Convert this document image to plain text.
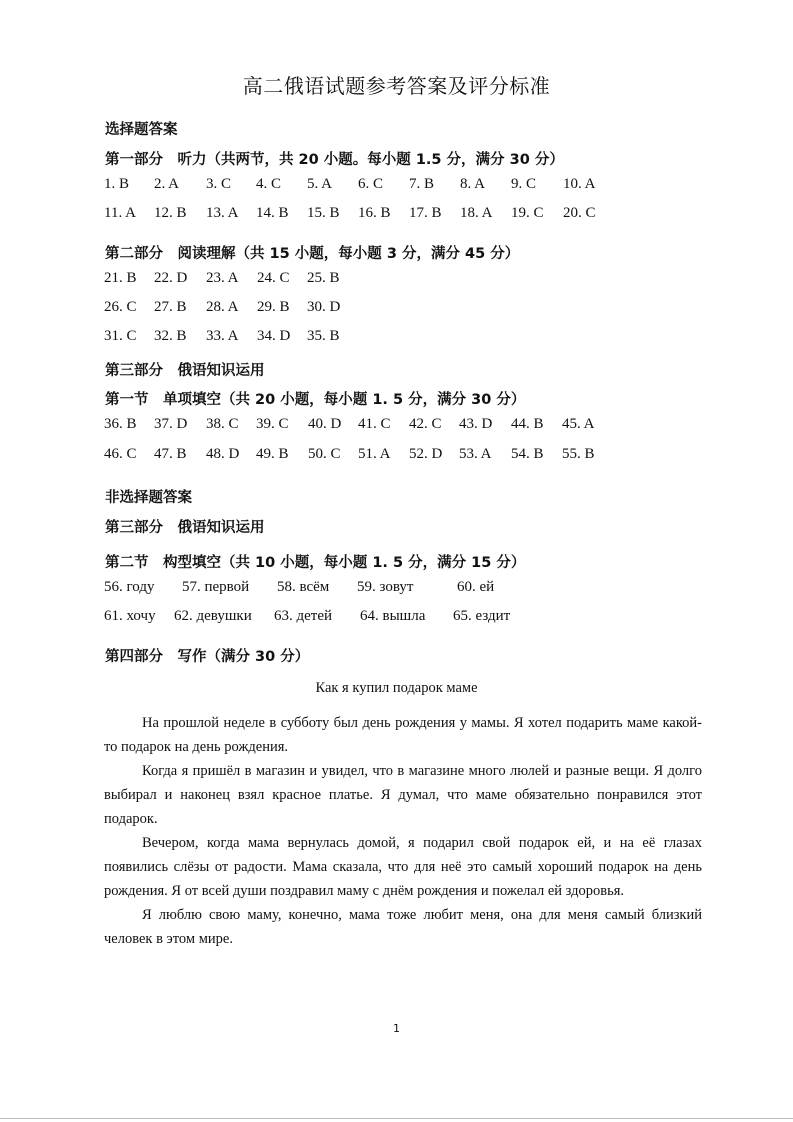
高二俄语试题参考答案及评分标准
选择题答案
第一部分　听力（共两节，共 20 小题。每小题 1.5 分，满分 30 分）
1. B 2. A 3. C 4. C 5. A 6. C 7. B 8. A 9. C 10. A
11. A 12. B 13. A 14. B 15. B 16. B 17. B 18. A 19. C 20. C
第二部分　阅读理解（共 15 小题，每小题 3 分，满分 45 分）
21. B 22. D 23. A 24. C 25. B
26. C 27. B 28. A 29. B 30. D
31. C 32. B 33. A 34. D 35. B
第三部分　俄语知识运用
第一节　单项填空（共 20 小题，每小题 1. 5 分，满分 30 分）
36. B 37. D 38. C 39. C 40. D 41. C 42. C 43. D 44. B 45. A
46. C 47. B 48. D 49. B 50. C 51. A 52. D 53. A 54. B 55. B
非选择题答案
第三部分　俄语知识运用
第二节　构型填空（共 10 小题，每小题 1. 5 分，满分 15 分）
56. году 57. первой 58. всём 59. зовут	60. ей
61. хочу 62. девушки 63. детей 64. вышла 65. ездит
第四部分　写作（满分 30 分）
Как я купил подарок маме

На прошлой неделе в субботу был день рождения у мамы. Я хотел подарить маме какой-то подарок на день рождения.

Когда я пришёл в магазин и увидел, что в магазине много люлей и разные вещи. Я долго выбирал и наконец взял красное платье. Я думал, что маме обязательно понравился этот подарок.

Вечером, когда мама вернулась домой, я подарил свой подарок ей, и на её глазах появились слёзы от радости. Мама сказала, что для неё это самый хороший подарок на день рождения. Я от всей души поздравил маму с днём рождения и пожелал ей здоровья.

Я люблю свою маму, конечно, мама тоже любит меня, она для меня самый близкий человек в этом мире.

1
